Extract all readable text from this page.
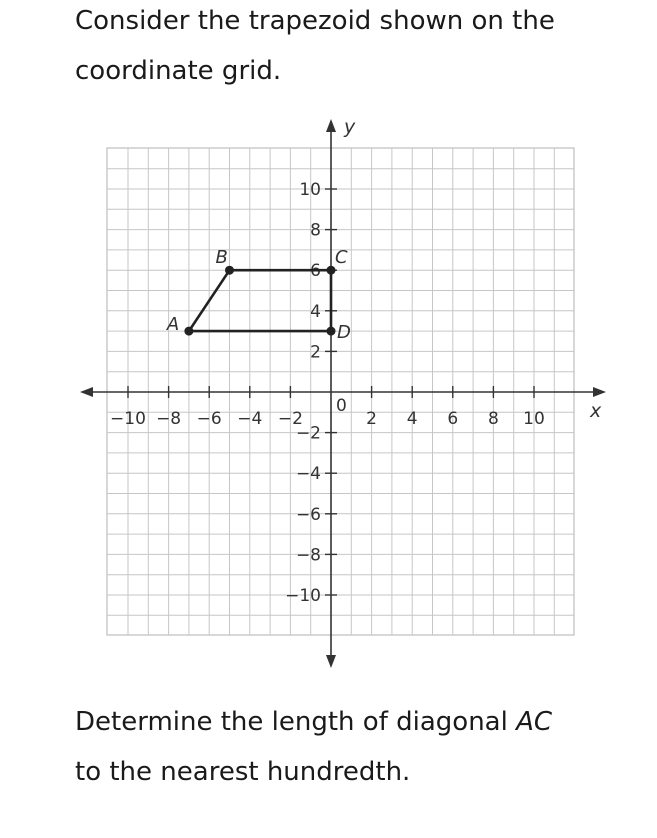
Consider the trapezoid shown on the
coordinate grid.

x
y
−10 −8 −6 −4 −2	2 4 6 8 10
−10
−8
−6
−4
−2
2
4
6
8
10
0
A
B	C
D

Determine the length of diagonal AC
to the nearest hundredth.
